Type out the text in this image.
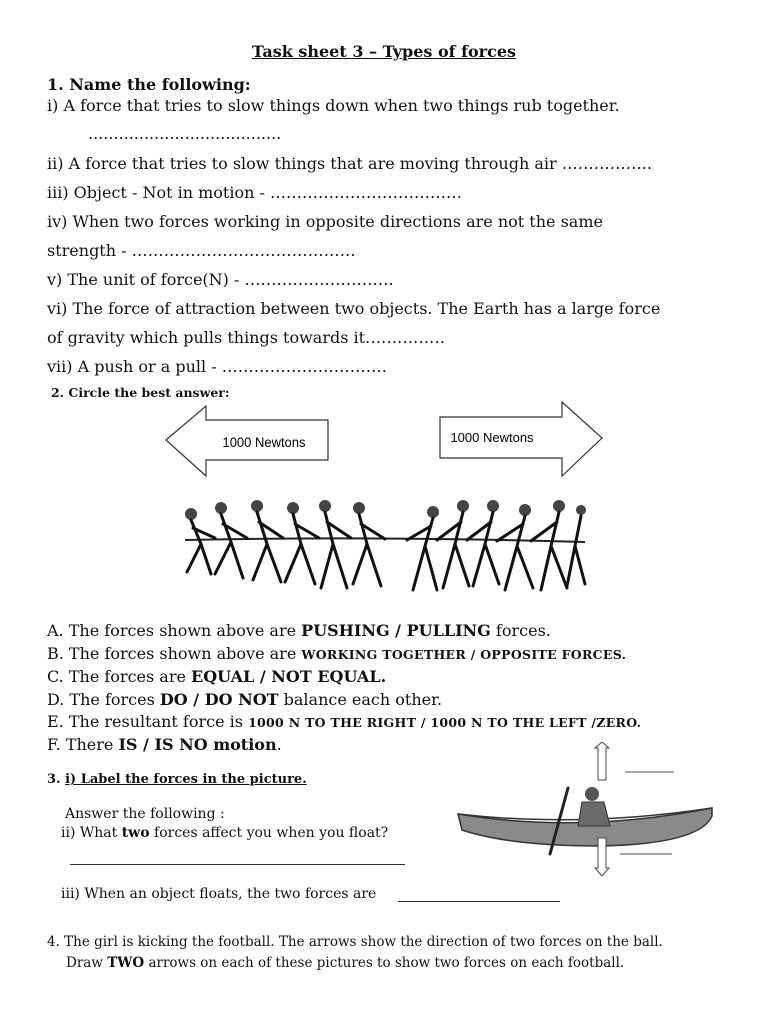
Task sheet 3 – Types of forces
1. Name the following:
i) A force that tries to slow things down when two things rub together.
......................................
ii) A force that tries to slow things that are moving through air ……………..
iii) Object - Not in motion - ………………………………
iv) When two forces working in opposite directions are not the same
strength - ……………………………………
v) The unit of force(N) - ……………………….
vi) The force of attraction between two objects. The Earth has a large force
of gravity which pulls things towards it……………
vii) A push or a pull - ………………………….
2. Circle the best answer:
1000 Newtons	1000 Newtons
A. The forces shown above are PUSHING / PULLING forces.
B. The forces shown above are WORKING TOGETHER / OPPOSITE FORCES.
C. The forces are EQUAL / NOT EQUAL.
D. The forces DO / DO NOT balance each other.
E. The resultant force is 1000 N TO THE RIGHT / 1000 N TO THE LEFT /ZERO.
F. There IS / IS NO motion.
3. i) Label the forces in the picture.
Answer the following :
ii) What two forces affect you when you float?
iii) When an object floats, the two forces are
4. The girl is kicking the football. The arrows show the direction of two forces on the ball.
Draw TWO arrows on each of these pictures to show two forces on each football.
